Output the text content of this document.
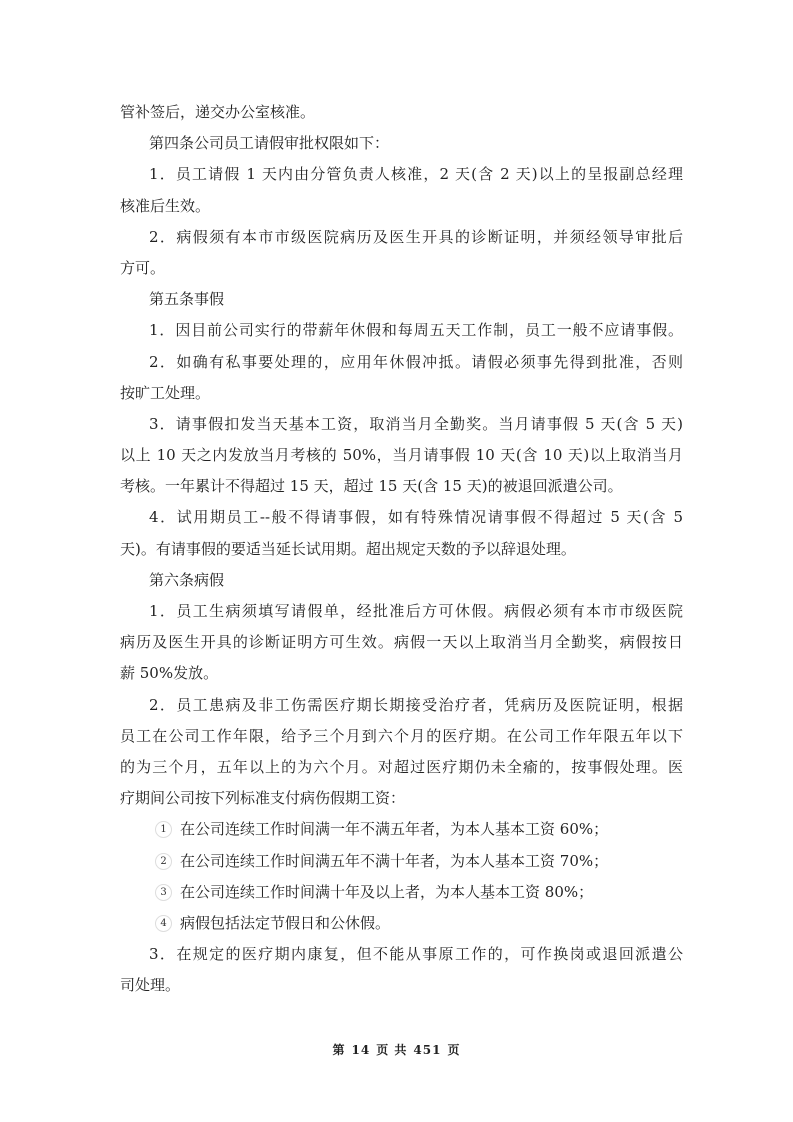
管补签后，递交办公室核准。
第四条公司员工请假审批权限如下：
1．员工请假 1 天内由分管负责人核准，2 天(含 2 天)以上的呈报副总经理
核准后生效。
2．病假须有本市市级医院病历及医生开具的诊断证明，并须经领导审批后
方可。
第五条事假
1．因目前公司实行的带薪年休假和每周五天工作制，员工一般不应请事假。
2．如确有私事要处理的，应用年休假冲抵。请假必须事先得到批准，否则
按旷工处理。
3．请事假扣发当天基本工资，取消当月全勤奖。当月请事假 5 天(含 5 天)
以上 10 天之内发放当月考核的 50%，当月请事假 10 天(含 10 天)以上取消当月
考核。一年累计不得超过 15 天，超过 15 天(含 15 天)的被退回派遣公司。
4．试用期员工--般不得请事假，如有特殊情况请事假不得超过 5 天(含 5
天)。有请事假的要适当延长试用期。超出规定天数的予以辞退处理。
第六条病假
1．员工生病须填写请假单，经批准后方可休假。病假必须有本市市级医院
病历及医生开具的诊断证明方可生效。病假一天以上取消当月全勤奖，病假按日
薪 50%发放。
2．员工患病及非工伤需医疗期长期接受治疗者，凭病历及医院证明，根据
员工在公司工作年限，给予三个月到六个月的医疗期。在公司工作年限五年以下
的为三个月，五年以上的为六个月。对超过医疗期仍未全瘉的，按事假处理。医
疗期间公司按下列标准支付病伤假期工资：
1 在公司连续工作时间满一年不满五年者，为本人基本工资 60%；
2 在公司连续工作时间满五年不满十年者，为本人基本工资 70%；
3 在公司连续工作时间满十年及以上者，为本人基本工资 80%；
4 病假包括法定节假日和公休假。
3．在规定的医疗期内康复，但不能从事原工作的，可作换岗或退回派遣公
司处理。
第 14 页 共 451 页
